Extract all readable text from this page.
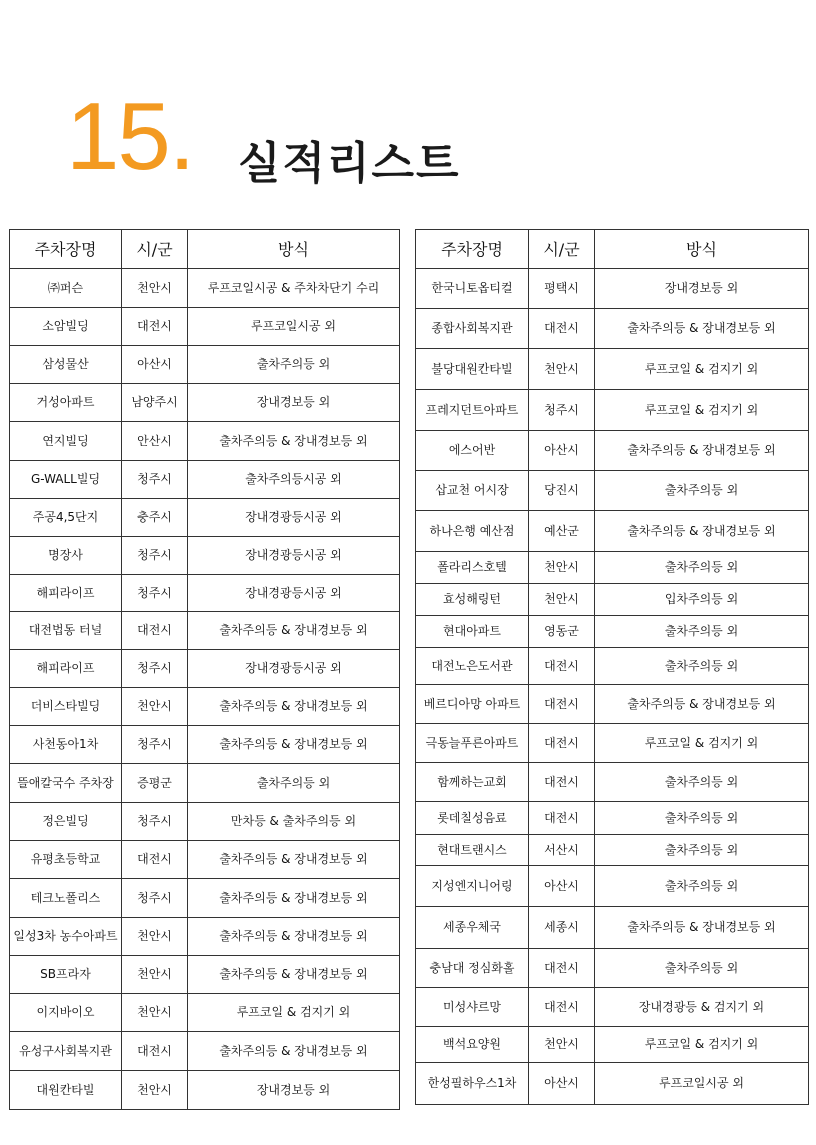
15. 실적리스트
주차장명	시/군	방식
㈜퍼슨	천안시	루프코일시공 & 주차차단기 수리
소암빌딩	대전시	루프코일시공 외
삼성물산	아산시	출차주의등 외
거성아파트	남양주시	장내경보등 외
연지빌딩	안산시	출차주의등 & 장내경보등 외
G-WALL빌딩	청주시	출차주의등시공 외
주공4,5단지	충주시	장내경광등시공 외
명장사	청주시	장내경광등시공 외
해피라이프	청주시	장내경광등시공 외
대전법동 터널	대전시	출차주의등 & 장내경보등 외
해피라이프	청주시	장내경광등시공 외
더비스타빌딩	천안시	출차주의등 & 장내경보등 외
사천동아1차	청주시	출차주의등 & 장내경보등 외
뜰애칼국수 주차장	증평군	출차주의등 외
정은빌딩	청주시	만차등 & 출차주의등 외
유평초등학교	대전시	출차주의등 & 장내경보등 외
테크노폴리스	청주시	출차주의등 & 장내경보등 외
일성3차 농수아파트	천안시	출차주의등 & 장내경보등 외
SB프라자	천안시	출차주의등 & 장내경보등 외
이지바이오	천안시	루프코일 & 검지기 외
유성구사회복지관	대전시	출차주의등 & 장내경보등 외
대원칸타빌	천안시	장내경보등 외
주차장명	시/군	방식
한국니토옵티컬	평택시	장내경보등 외
종합사회복지관	대전시	출차주의등 & 장내경보등 외
불당대원칸타빌	천안시	루프코일 & 검지기 외
프레지던트아파트	청주시	루프코일 & 검지기 외
에스어반	아산시	출차주의등 & 장내경보등 외
삽교천 어시장	당진시	출차주의등 외
하나은행 예산점	예산군	출차주의등 & 장내경보등 외
폴라리스호텔	천안시	출차주의등 외
효성해링턴	천안시	입차주의등 외
현대아파트	영동군	출차주의등 외
대전노은도서관	대전시	출차주의등 외
베르디아망 아파트	대전시	출차주의등 & 장내경보등 외
극동늘푸른아파트	대전시	루프코일 & 검지기 외
함께하는교회	대전시	출차주의등 외
롯데칠성음료	대전시	출차주의등 외
현대트랜시스	서산시	출차주의등 외
지성엔지니어링	아산시	출차주의등 외
세종우체국	세종시	출차주의등 & 장내경보등 외
충남대 정심화홀	대전시	출차주의등 외
미성샤르망	대전시	장내경광등 & 검지기 외
백석요양원	천안시	루프코일 & 검지기 외
한성필하우스1차	아산시	루프코일시공 외
